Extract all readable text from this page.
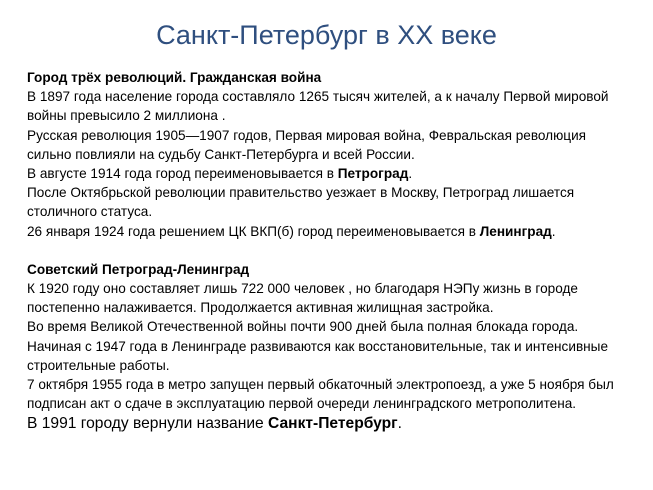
Санкт-Петербург в XX веке

Город трёх революций. Гражданская война

В 1897 года население города составляло 1265 тысяч жителей, а к началу Первой мировой войны превысило 2 миллиона .

Русская революция 1905—1907 годов, Первая мировая война, Февральская революция сильно повлияли на судьбу Санкт-Петербурга и всей России.

В августе 1914 года город переименовывается в Петроград.

После Октябрьской революции правительство уезжает в Москву, Петроград лишается столичного статуса.

26 января 1924 года решением ЦК ВКП(б) город переименовывается в Ленинград.

Советский Петроград-Ленинград

К 1920 году оно составляет лишь 722 000 человек , но благодаря НЭПу жизнь в городе постепенно налаживается. Продолжается активная жилищная застройка.

Во время Великой Отечественной войны почти 900 дней была полная блокада города. Начиная с 1947 года в Ленинграде развиваются как восстановительные, так и интенсивные строительные работы.

7 октября 1955 года в метро запущен первый обкаточный электропоезд, а уже 5 ноября был подписан акт о сдаче в эксплуатацию первой очереди ленинградского метрополитена.

В 1991 городу вернули название Санкт-Петербург.
